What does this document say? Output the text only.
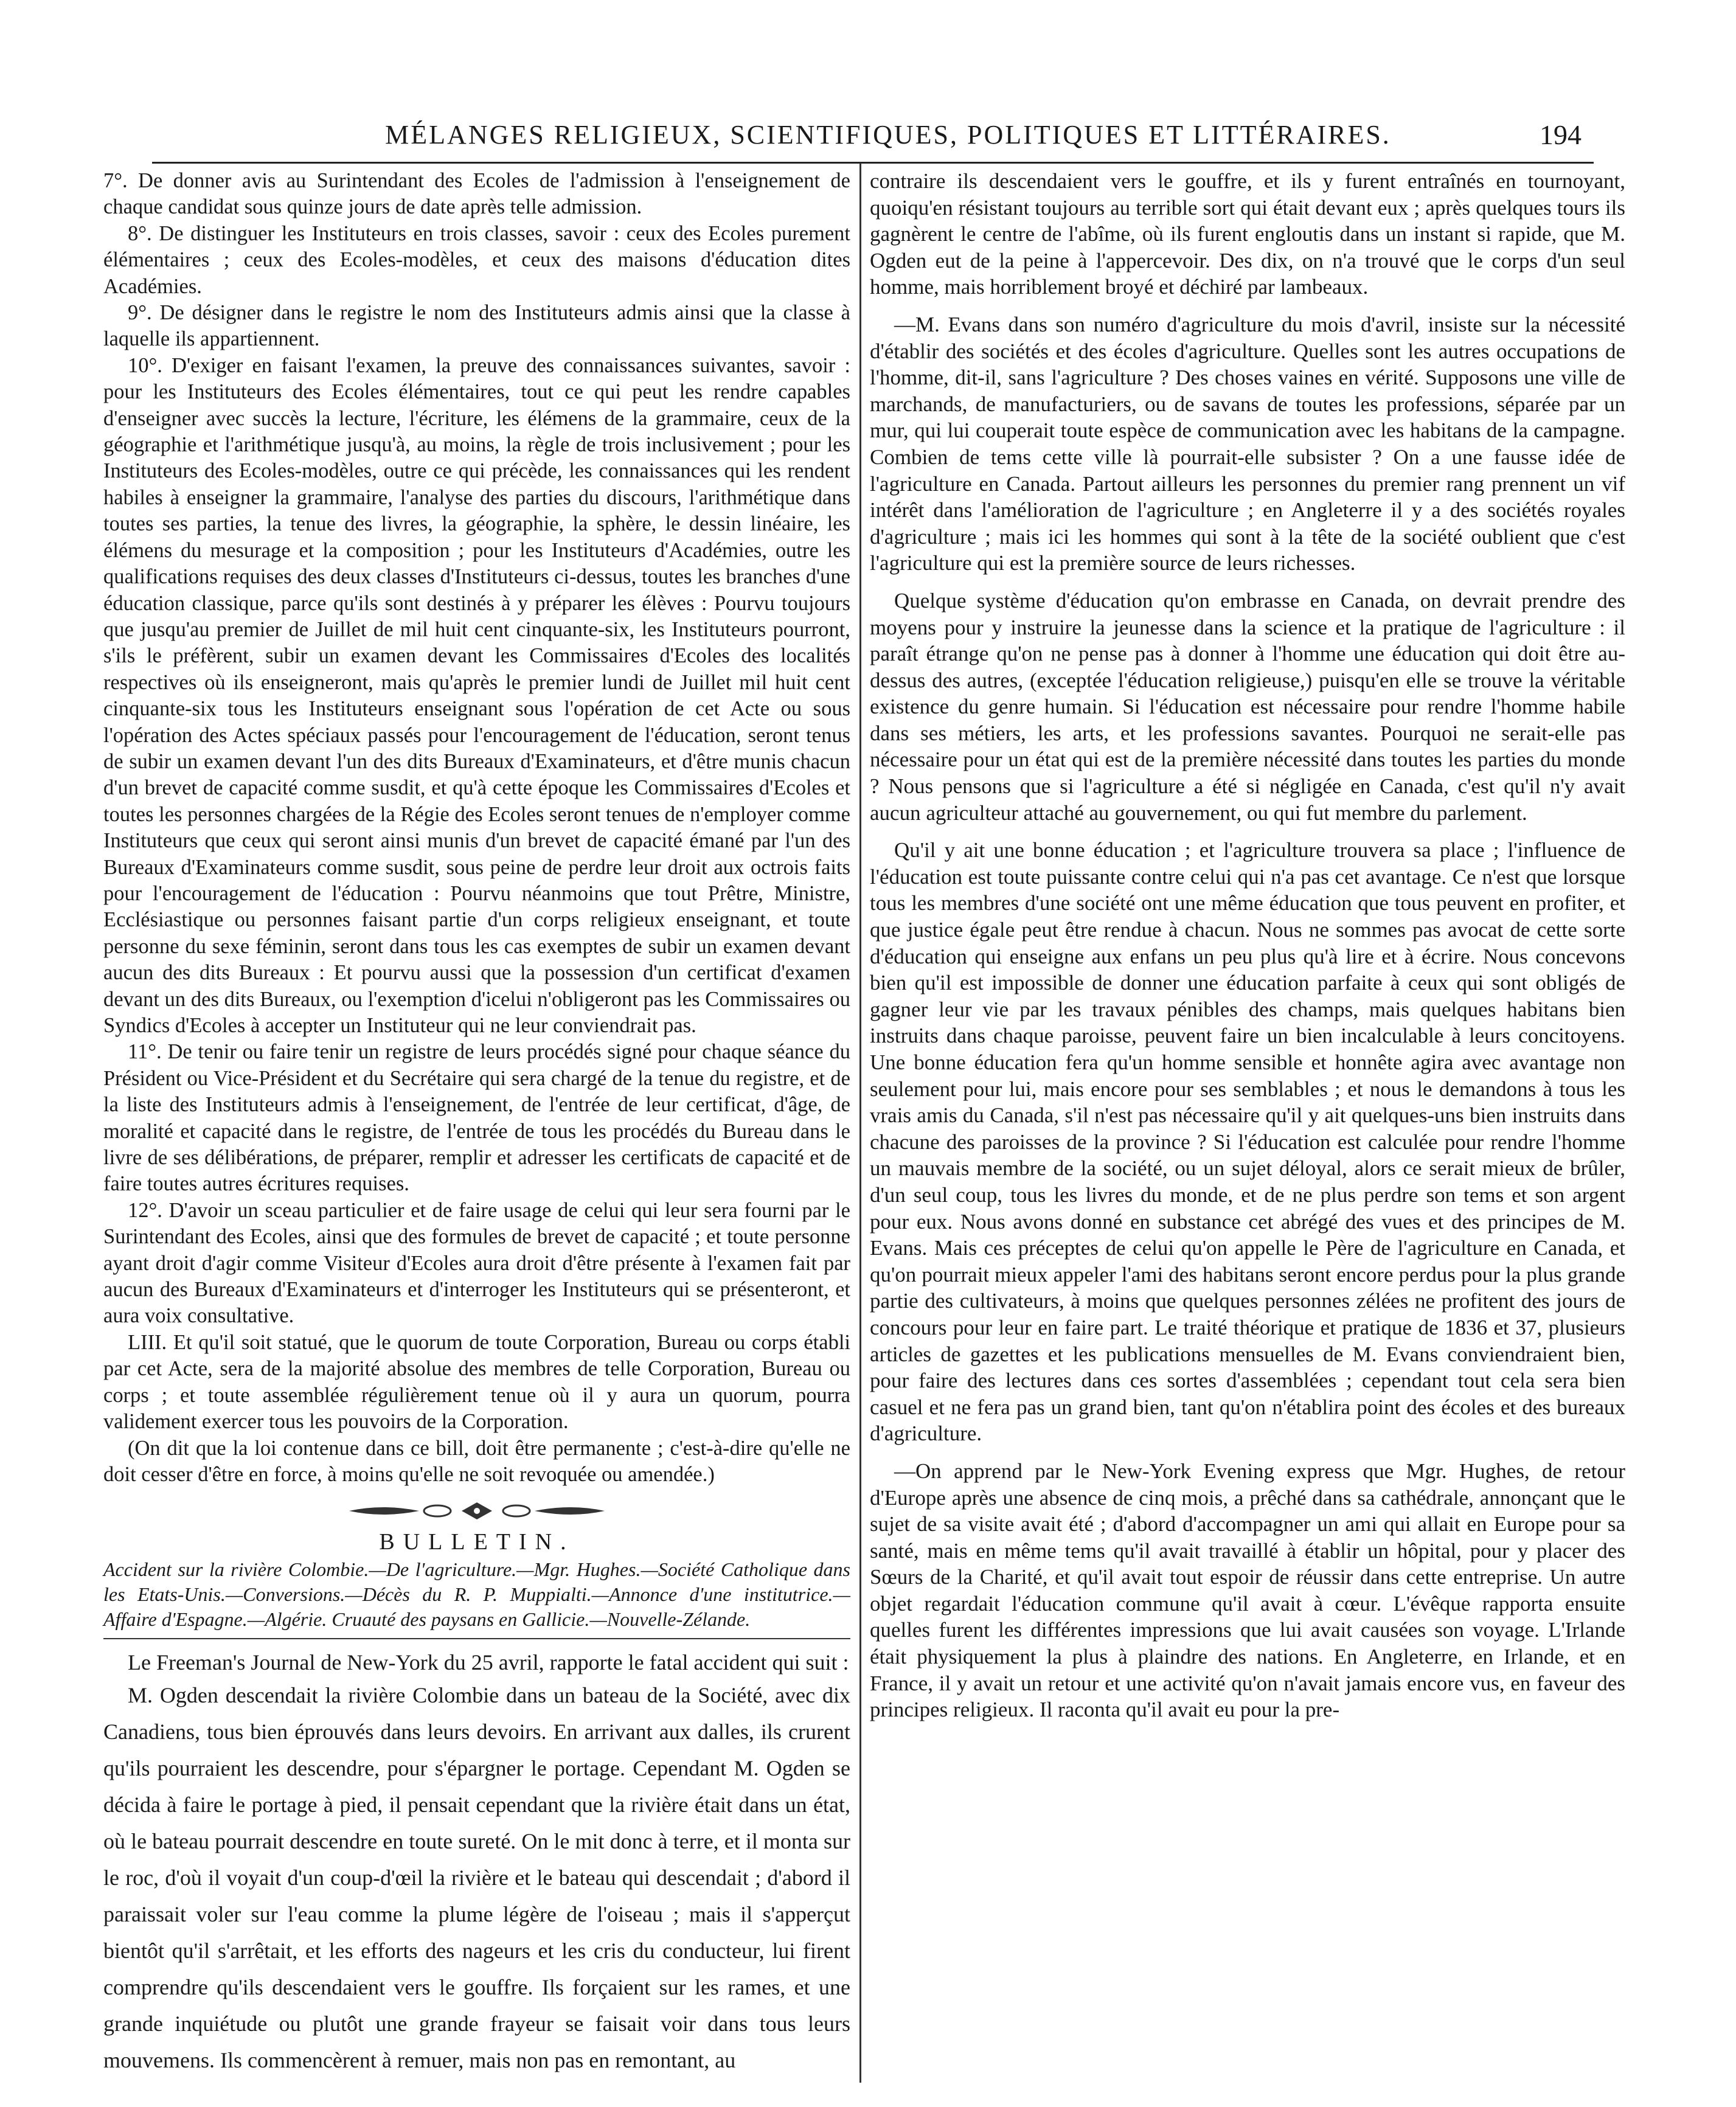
MÉLANGES RELIGIEUX, SCIENTIFIQUES, POLITIQUES ET LITTÉRAIRES.	194

7°. De donner avis au Surintendant des Ecoles de l'admission à l'enseignement de chaque candidat sous quinze jours de date après telle admission.

8°. De distinguer les Instituteurs en trois classes, savoir : ceux des Ecoles purement élémentaires ; ceux des Ecoles-modèles, et ceux des maisons d'éducation dites Académies.

9°. De désigner dans le registre le nom des Instituteurs admis ainsi que la classe à laquelle ils appartiennent.

10°. D'exiger en faisant l'examen, la preuve des connaissances suivantes, savoir : pour les Instituteurs des Ecoles élémentaires, tout ce qui peut les rendre capables d'enseigner avec succès la lecture, l'écriture, les élémens de la grammaire, ceux de la géographie et l'arithmétique jusqu'à, au moins, la règle de trois inclusivement ; pour les Instituteurs des Ecoles-modèles, outre ce qui précède, les connaissances qui les rendent habiles à enseigner la grammaire, l'analyse des parties du discours, l'arithmétique dans toutes ses parties, la tenue des livres, la géographie, la sphère, le dessin linéaire, les élémens du mesurage et la composition ; pour les Instituteurs d'Académies, outre les qualifications requises des deux classes d'Instituteurs ci-dessus, toutes les branches d'une éducation classique, parce qu'ils sont destinés à y préparer les élèves : Pourvu toujours que jusqu'au premier de Juillet de mil huit cent cinquante-six, les Instituteurs pourront, s'ils le préfèrent, subir un examen devant les Commissaires d'Ecoles des localités respectives où ils enseigneront, mais qu'après le premier lundi de Juillet mil huit cent cinquante-six tous les Instituteurs enseignant sous l'opération de cet Acte ou sous l'opération des Actes spéciaux passés pour l'encouragement de l'éducation, seront tenus de subir un examen devant l'un des dits Bureaux d'Examinateurs, et d'être munis chacun d'un brevet de capacité comme susdit, et qu'à cette époque les Commissaires d'Ecoles et toutes les personnes chargées de la Régie des Ecoles seront tenues de n'employer comme Instituteurs que ceux qui seront ainsi munis d'un brevet de capacité émané par l'un des Bureaux d'Examinateurs comme susdit, sous peine de perdre leur droit aux octrois faits pour l'encouragement de l'éducation : Pourvu néanmoins que tout Prêtre, Ministre, Ecclésiastique ou personnes faisant partie d'un corps religieux enseignant, et toute personne du sexe féminin, seront dans tous les cas exemptes de subir un examen devant aucun des dits Bureaux : Et pourvu aussi que la possession d'un certificat d'examen devant un des dits Bureaux, ou l'exemption d'icelui n'obligeront pas les Commissaires ou Syndics d'Ecoles à accepter un Instituteur qui ne leur conviendrait pas.

11°. De tenir ou faire tenir un registre de leurs procédés signé pour chaque séance du Président ou Vice-Président et du Secrétaire qui sera chargé de la tenue du registre, et de la liste des Instituteurs admis à l'enseignement, de l'entrée de leur certificat, d'âge, de moralité et capacité dans le registre, de l'entrée de tous les procédés du Bureau dans le livre de ses délibérations, de préparer, remplir et adresser les certificats de capacité et de faire toutes autres écritures requises.

12°. D'avoir un sceau particulier et de faire usage de celui qui leur sera fourni par le Surintendant des Ecoles, ainsi que des formules de brevet de capacité ; et toute personne ayant droit d'agir comme Visiteur d'Ecoles aura droit d'être présente à l'examen fait par aucun des Bureaux d'Examinateurs et d'interroger les Instituteurs qui se présenteront, et aura voix consultative.

LIII. Et qu'il soit statué, que le quorum de toute Corporation, Bureau ou corps établi par cet Acte, sera de la majorité absolue des membres de telle Corporation, Bureau ou corps ; et toute assemblée régulièrement tenue où il y aura un quorum, pourra validement exercer tous les pouvoirs de la Corporation.

(On dit que la loi contenue dans ce bill, doit être permanente ; c'est-à-dire qu'elle ne doit cesser d'être en force, à moins qu'elle ne soit revoquée ou amendée.)

BULLETIN.

Accident sur la rivière Colombie.—De l'agriculture.—Mgr. Hughes.—Société Catholique dans les Etats-Unis.—Conversions.—Décès du R. P. Muppialti.—Annonce d'une institutrice.—Affaire d'Espagne.—Algérie. Cruauté des paysans en Gallicie.—Nouvelle-Zélande.

Le Freeman's Journal de New-York du 25 avril, rapporte le fatal accident qui suit :

M. Ogden descendait la rivière Colombie dans un bateau de la Société, avec dix Canadiens, tous bien éprouvés dans leurs devoirs. En arrivant aux dalles, ils crurent qu'ils pourraient les descendre, pour s'épargner le portage. Cependant M. Ogden se décida à faire le portage à pied, il pensait cependant que la rivière était dans un état, où le bateau pourrait descendre en toute sureté. On le mit donc à terre, et il monta sur le roc, d'où il voyait d'un coup-d'œil la rivière et le bateau qui descendait ; d'abord il paraissait voler sur l'eau comme la plume légère de l'oiseau ; mais il s'apperçut bientôt qu'il s'arrêtait, et les efforts des nageurs et les cris du conducteur, lui firent comprendre qu'ils descendaient vers le gouffre. Ils forçaient sur les rames, et une grande inquiétude ou plutôt une grande frayeur se faisait voir dans tous leurs mouvemens. Ils commencèrent à remuer, mais non pas en remontant, au

contraire ils descendaient vers le gouffre, et ils y furent entraînés en tournoyant, quoiqu'en résistant toujours au terrible sort qui était devant eux ; après quelques tours ils gagnèrent le centre de l'abîme, où ils furent engloutis dans un instant si rapide, que M. Ogden eut de la peine à l'appercevoir. Des dix, on n'a trouvé que le corps d'un seul homme, mais horriblement broyé et déchiré par lambeaux.

—M. Evans dans son numéro d'agriculture du mois d'avril, insiste sur la nécessité d'établir des sociétés et des écoles d'agriculture. Quelles sont les autres occupations de l'homme, dit-il, sans l'agriculture ? Des choses vaines en vérité. Supposons une ville de marchands, de manufacturiers, ou de savans de toutes les professions, séparée par un mur, qui lui couperait toute espèce de communication avec les habitans de la campagne. Combien de tems cette ville là pourrait-elle subsister ? On a une fausse idée de l'agriculture en Canada. Partout ailleurs les personnes du premier rang prennent un vif intérêt dans l'amélioration de l'agriculture ; en Angleterre il y a des sociétés royales d'agriculture ; mais ici les hommes qui sont à la tête de la société oublient que c'est l'agriculture qui est la première source de leurs richesses.

Quelque système d'éducation qu'on embrasse en Canada, on devrait prendre des moyens pour y instruire la jeunesse dans la science et la pratique de l'agriculture : il paraît étrange qu'on ne pense pas à donner à l'homme une éducation qui doit être au-dessus des autres, (exceptée l'éducation religieuse,) puisqu'en elle se trouve la véritable existence du genre humain. Si l'éducation est nécessaire pour rendre l'homme habile dans ses métiers, les arts, et les professions savantes. Pourquoi ne serait-elle pas nécessaire pour un état qui est de la première nécessité dans toutes les parties du monde ? Nous pensons que si l'agriculture a été si négligée en Canada, c'est qu'il n'y avait aucun agriculteur attaché au gouvernement, ou qui fut membre du parlement.

Qu'il y ait une bonne éducation ; et l'agriculture trouvera sa place ; l'influence de l'éducation est toute puissante contre celui qui n'a pas cet avantage. Ce n'est que lorsque tous les membres d'une société ont une même éducation que tous peuvent en profiter, et que justice égale peut être rendue à chacun. Nous ne sommes pas avocat de cette sorte d'éducation qui enseigne aux enfans un peu plus qu'à lire et à écrire. Nous concevons bien qu'il est impossible de donner une éducation parfaite à ceux qui sont obligés de gagner leur vie par les travaux pénibles des champs, mais quelques habitans bien instruits dans chaque paroisse, peuvent faire un bien incalculable à leurs concitoyens. Une bonne éducation fera qu'un homme sensible et honnête agira avec avantage non seulement pour lui, mais encore pour ses semblables ; et nous le demandons à tous les vrais amis du Canada, s'il n'est pas nécessaire qu'il y ait quelques-uns bien instruits dans chacune des paroisses de la province ? Si l'éducation est calculée pour rendre l'homme un mauvais membre de la société, ou un sujet déloyal, alors ce serait mieux de brûler, d'un seul coup, tous les livres du monde, et de ne plus perdre son tems et son argent pour eux. Nous avons donné en substance cet abrégé des vues et des principes de M. Evans. Mais ces préceptes de celui qu'on appelle le Père de l'agriculture en Canada, et qu'on pourrait mieux appeler l'ami des habitans seront encore perdus pour la plus grande partie des cultivateurs, à moins que quelques personnes zélées ne profitent des jours de concours pour leur en faire part. Le traité théorique et pratique de 1836 et 37, plusieurs articles de gazettes et les publications mensuelles de M. Evans conviendraient bien, pour faire des lectures dans ces sortes d'assemblées ; cependant tout cela sera bien casuel et ne fera pas un grand bien, tant qu'on n'établira point des écoles et des bureaux d'agriculture.

—On apprend par le New-York Evening express que Mgr. Hughes, de retour d'Europe après une absence de cinq mois, a prêché dans sa cathédrale, annonçant que le sujet de sa visite avait été ; d'abord d'accompagner un ami qui allait en Europe pour sa santé, mais en même tems qu'il avait travaillé à établir un hôpital, pour y placer des Sœurs de la Charité, et qu'il avait tout espoir de réussir dans cette entreprise. Un autre objet regardait l'éducation commune qu'il avait à cœur. L'évêque rapporta ensuite quelles furent les différentes impressions que lui avait causées son voyage. L'Irlande était physiquement la plus à plaindre des nations. En Angleterre, en Irlande, et en France, il y avait un retour et une activité qu'on n'avait jamais encore vus, en faveur des principes religieux. Il raconta qu'il avait eu pour la pre-
